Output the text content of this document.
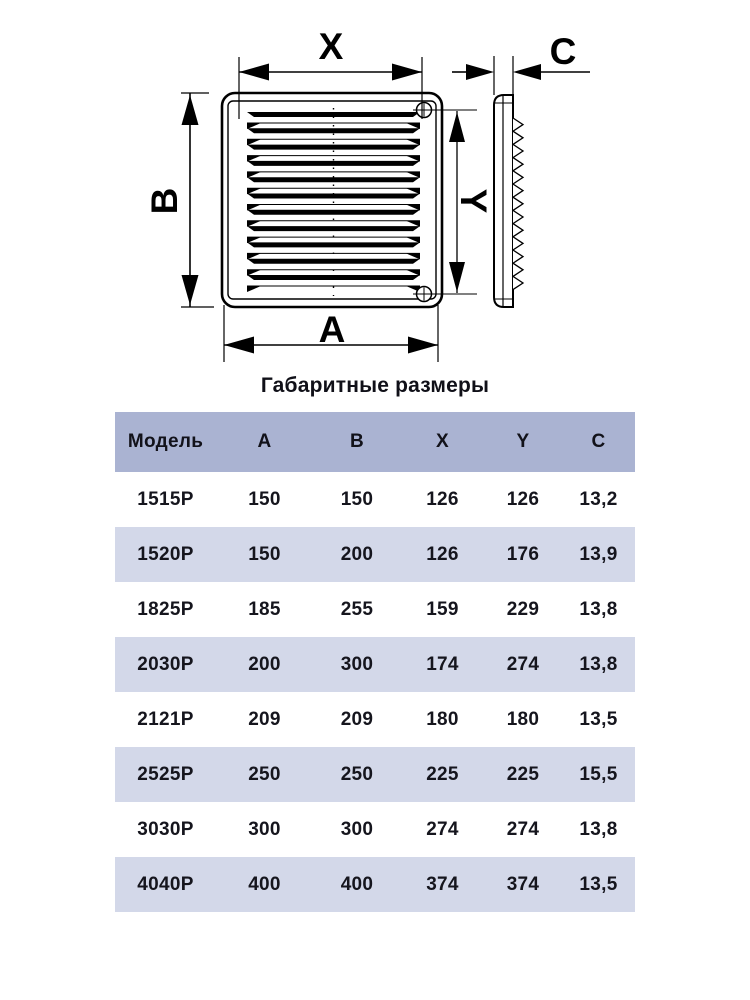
X	C
B	Y
A
Габаритные размеры
Модель	A	B	X	Y	C
1515P	150	150	126	126	13,2
1520P	150	200	126	176	13,9
1825P	185	255	159	229	13,8
2030P	200	300	174	274	13,8
2121P	209	209	180	180	13,5
2525P	250	250	225	225	15,5
3030P	300	300	274	274	13,8
4040P	400	400	374	374	13,5
